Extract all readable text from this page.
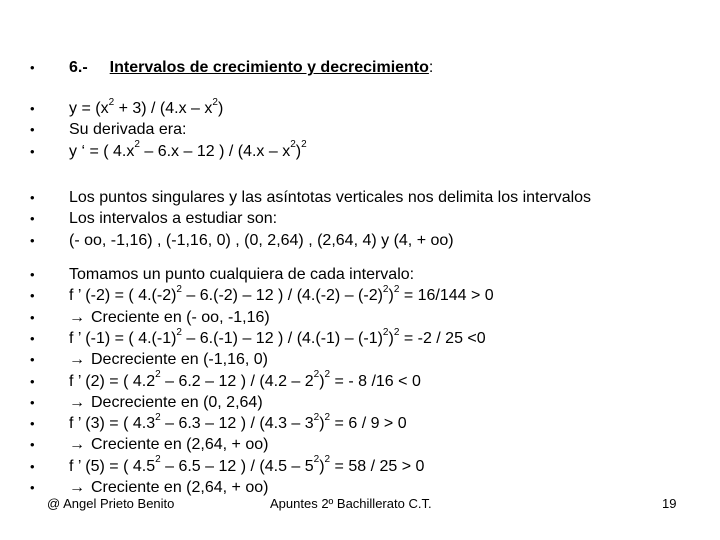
•	6.- Intervalos de crecimiento y decrecimiento:
•	$y = (x^2 + 3) / (4.x - x^2)$
•	Su derivada era:
•	y ‘ = ( $4.x^2 - 6.x - 12$ ) / $(4.x - x^2)^2$
•	Los puntos singulares y las asíntotas verticales nos delimita los intervalos
•	Los intervalos a estudiar son:
•	(- oo, -1,16) , (-1,16, 0) , (0, 2,64) , (2,64, 4) y (4, + oo)
•	Tomamos un punto cualquiera de cada intervalo:
•	f ’ (-2) = ( $4.(-2)^2 - 6.(-2) - 12$ ) / $(4.(-2) - (-2)^2)^2 = 16/144 > 0$
•	→ Creciente en (- oo, -1,16)
•	f ’ (-1) = ( $4.(-1)^2 - 6.(-1) - 12$ ) / $(4.(-1) - (-1)^2)^2 = -2 / 25 <0$
•	→ Decreciente en (-1,16, 0)
•	f ’ (2) = ( $4.2^2 - 6.2 - 12$ ) / $(4.2 - 2^2)^2$ = - 8 /16 < 0
•	→ Decreciente en (0, 2,64)
•	f ’ (3) = ( $4.3^2 - 6.3 - 12$ ) / $(4.3 - 3^2)^2 = 6 / 9 > 0$
•	→ Creciente en (2,64, + oo)
•	f ’ (5) = ( $4.5^2 - 6.5 - 12$ ) / $(4.5 - 5^2)^2 = 58 / 25 > 0$
•	→ Creciente en (2,64, + oo)
@ Angel Prieto Benito	Apuntes 2º Bachillerato C.T.	19
